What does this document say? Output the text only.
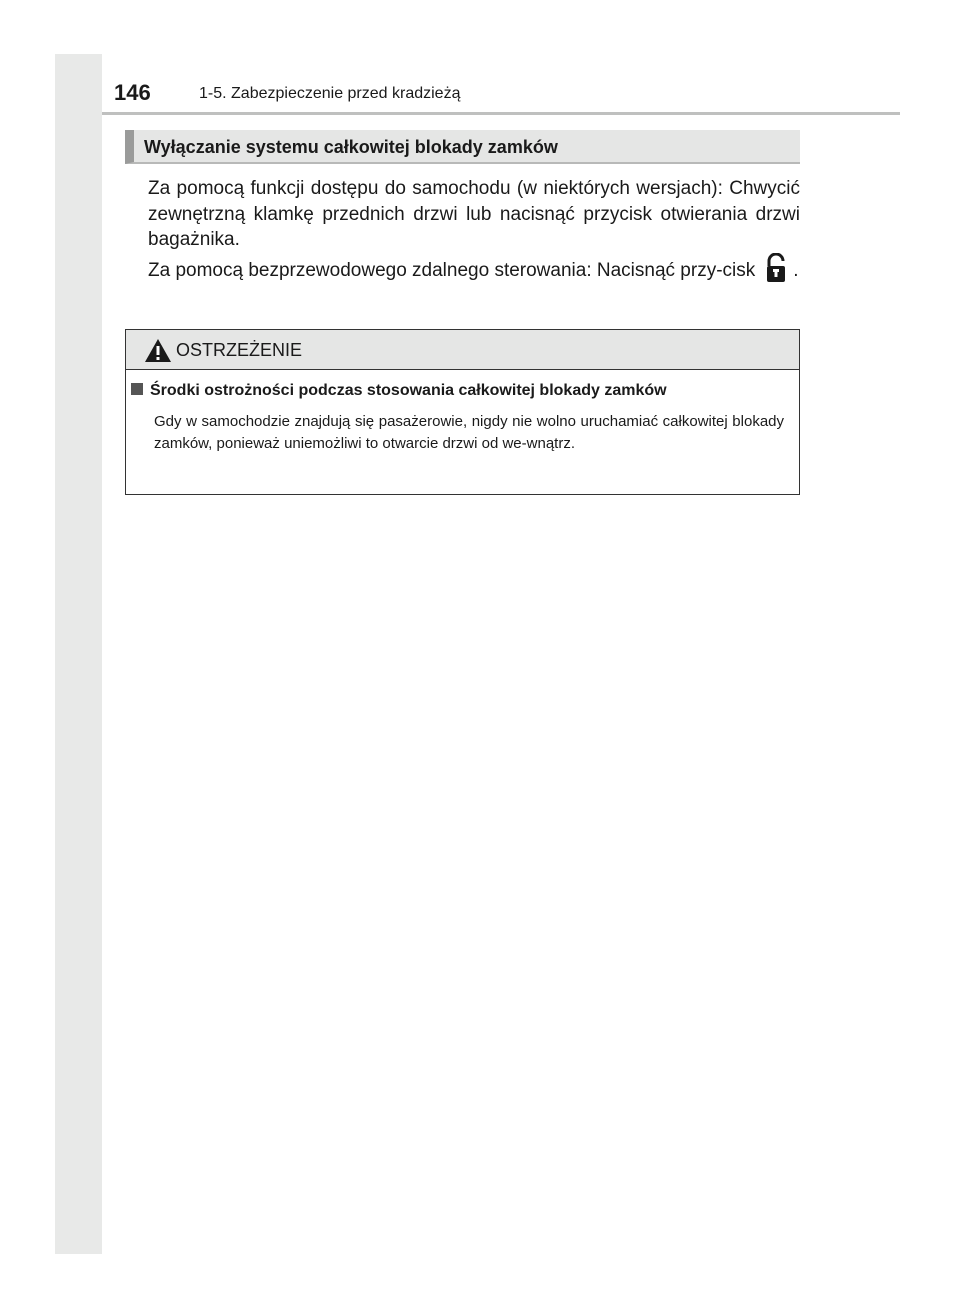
146	1-5. Zabezpieczenie przed kradzieżą
Wyłączanie systemu całkowitej blokady zamków

Za pomocą funkcji dostępu do samochodu (w niektórych wersjach): Chwycić zewnętrzną klamkę przednich drzwi lub nacisnąć przycisk otwierania drzwi bagażnika.

Za pomocą bezprzewodowego zdalnego sterowania: Nacisnąć przy-cisk .

OSTRZEŻENIE
Środki ostrożności podczas stosowania całkowitej blokady zamków
Gdy w samochodzie znajdują się pasażerowie, nigdy nie wolno uruchamiać całkowitej blokady zamków, ponieważ uniemożliwi to otwarcie drzwi od we-wnątrz.
